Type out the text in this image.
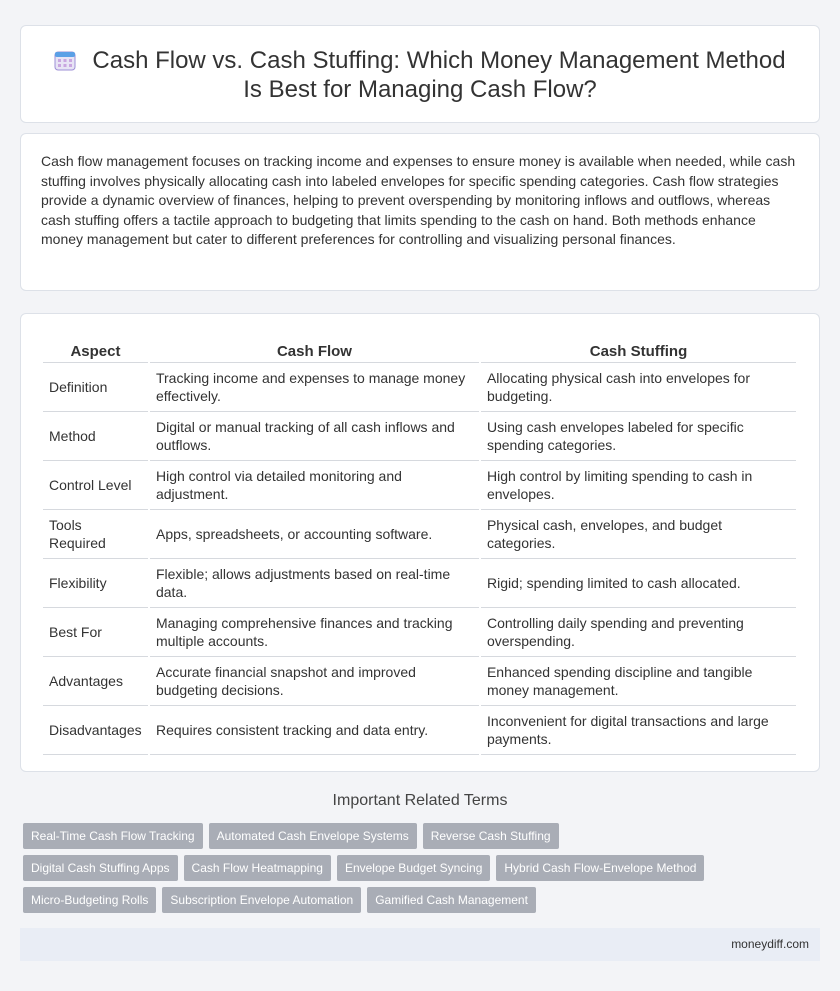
Cash Flow vs. Cash Stuffing: Which Money Management Method
Is Best for Managing Cash Flow?

Cash flow management focuses on tracking income and expenses to ensure money is available when needed, while cash stuffing involves physically allocating cash into labeled envelopes for specific spending categories. Cash flow strategies provide a dynamic overview of finances, helping to prevent overspending by monitoring inflows and outflows, whereas cash stuffing offers a tactile approach to budgeting that limits spending to the cash on hand. Both methods enhance money management but cater to different preferences for controlling and visualizing personal finances.

Aspect	Cash Flow	Cash Stuffing
Definition	Tracking income and expenses to manage money effectively.	Allocating physical cash into envelopes for budgeting.
Method	Digital or manual tracking of all cash inflows and outflows.	Using cash envelopes labeled for specific spending categories.
Control Level	High control via detailed monitoring and adjustment.	High control by limiting spending to cash in envelopes.
Tools Required	Apps, spreadsheets, or accounting software.	Physical cash, envelopes, and budget categories.
Flexibility	Flexible; allows adjustments based on real-time data.	Rigid; spending limited to cash allocated.
Best For	Managing comprehensive finances and tracking multiple accounts.	Controlling daily spending and preventing overspending.
Advantages	Accurate financial snapshot and improved budgeting decisions.	Enhanced spending discipline and tangible money management.
Disadvantages	Requires consistent tracking and data entry.	Inconvenient for digital transactions and large payments.
Important Related Terms
Real-Time Cash Flow Tracking	Automated Cash Envelope Systems	Reverse Cash Stuffing
Digital Cash Stuffing Apps	Cash Flow Heatmapping	Envelope Budget Syncing	Hybrid Cash Flow-Envelope Method
Micro-Budgeting Rolls	Subscription Envelope Automation	Gamified Cash Management
moneydiff.com
